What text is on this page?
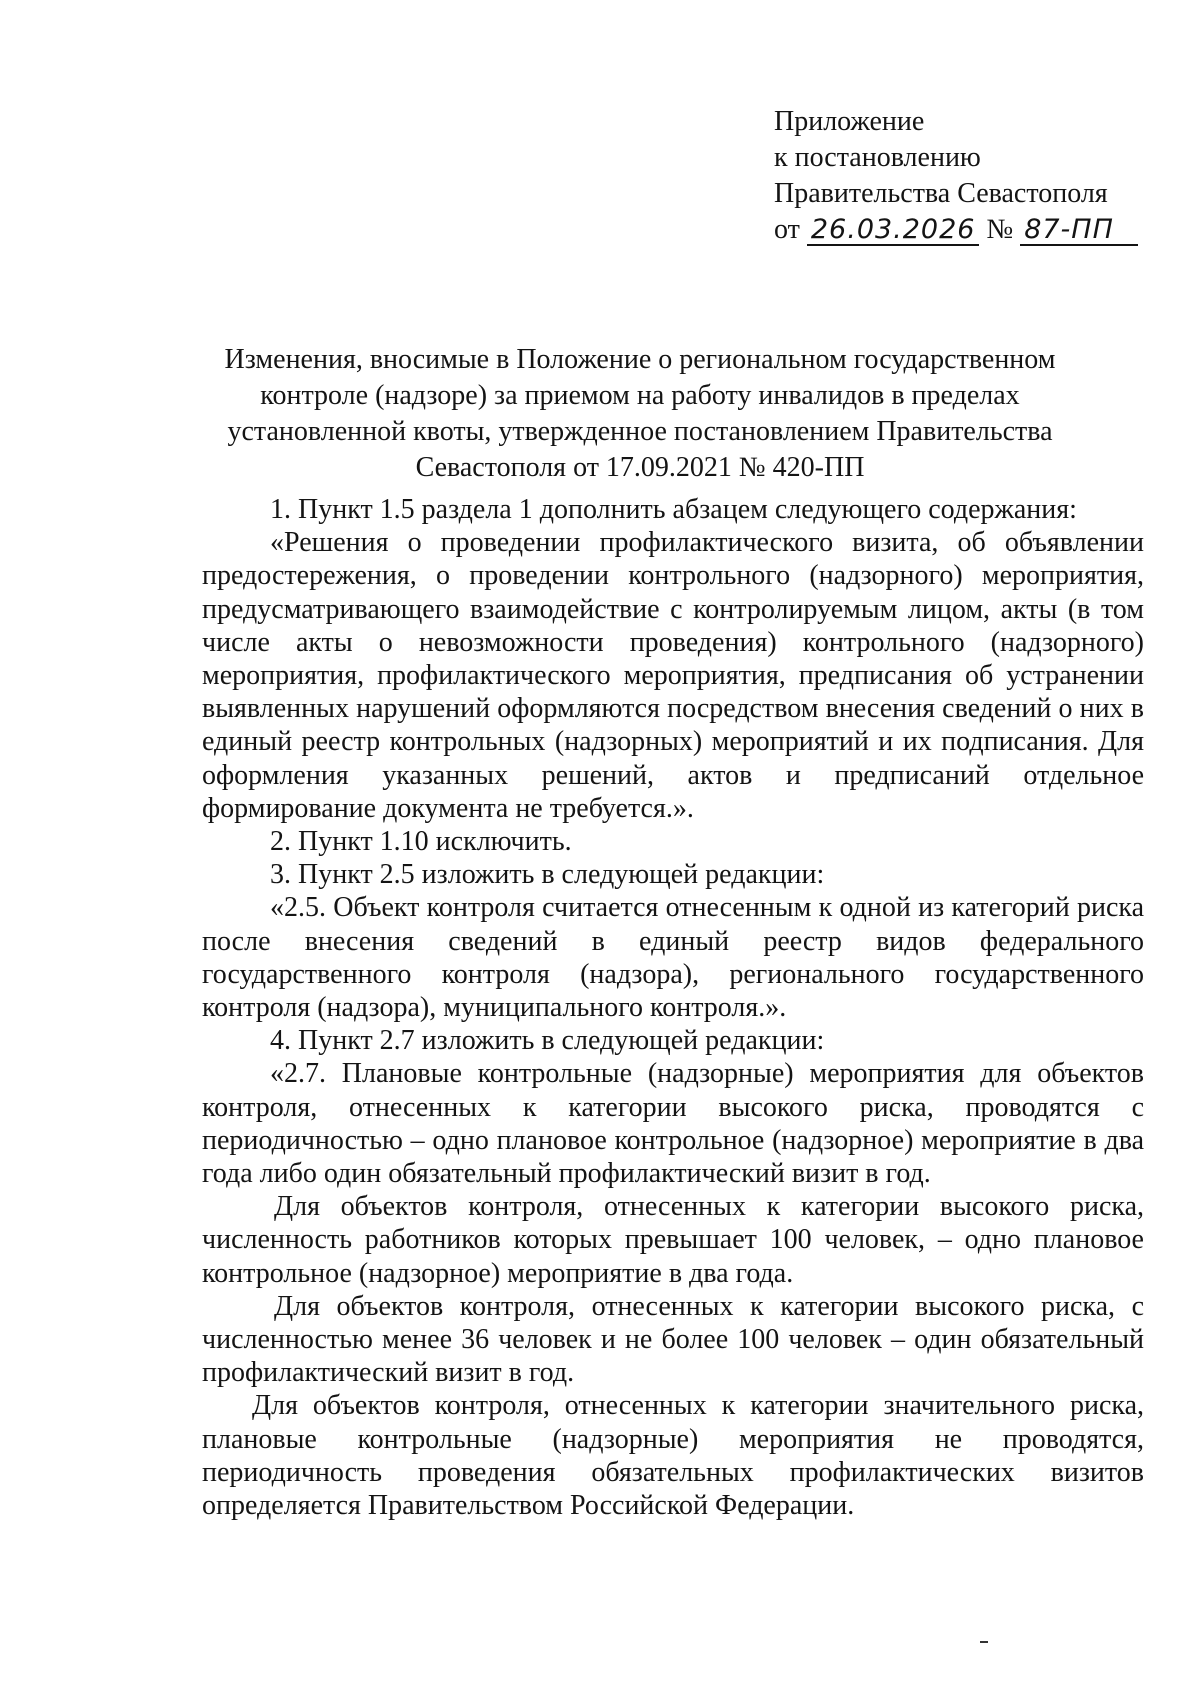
Приложение
к постановлению
Правительства Севастополя
от 26.03.2026 № 87-ПП
Изменения, вносимые в Положение о региональном государственном
контроле (надзоре) за приемом на работу инвалидов в пределах
установленной квоты, утвержденное постановлением Правительства
Севастополя от 17.09.2021 № 420-ПП

1. Пункт 1.5 раздела 1 дополнить абзацем следующего содержания:

«Решения о проведении профилактического визита, об объявлении предостережения, о проведении контрольного (надзорного) мероприятия, предусматривающего взаимодействие с контролируемым лицом, акты (в том числе акты о невозможности проведения) контрольного (надзорного) мероприятия, профилактического мероприятия, предписания об устранении выявленных нарушений оформляются посредством внесения сведений о них в единый реестр контрольных (надзорных) мероприятий и их подписания. Для оформления указанных решений, актов и предписаний отдельное формирование документа не требуется.».

2. Пункт 1.10 исключить.

3. Пункт 2.5 изложить в следующей редакции:

«2.5. Объект контроля считается отнесенным к одной из категорий риска после внесения сведений в единый реестр видов федерального государственного контроля (надзора), регионального государственного контроля (надзора), муниципального контроля.».

4. Пункт 2.7 изложить в следующей редакции:

«2.7. Плановые контрольные (надзорные) мероприятия для объектов контроля, отнесенных к категории высокого риска, проводятся с периодичностью – одно плановое контрольное (надзорное) мероприятие в два года либо один обязательный профилактический визит в год.

Для объектов контроля, отнесенных к категории высокого риска, численность работников которых превышает 100 человек, – одно плановое контрольное (надзорное) мероприятие в два года.

Для объектов контроля, отнесенных к категории высокого риска, с численностью менее 36 человек и не более 100 человек – один обязательный профилактический визит в год.

Для объектов контроля, отнесенных к категории значительного риска, плановые контрольные (надзорные) мероприятия не проводятся, периодичность проведения обязательных профилактических визитов определяется Правительством Российской Федерации.
